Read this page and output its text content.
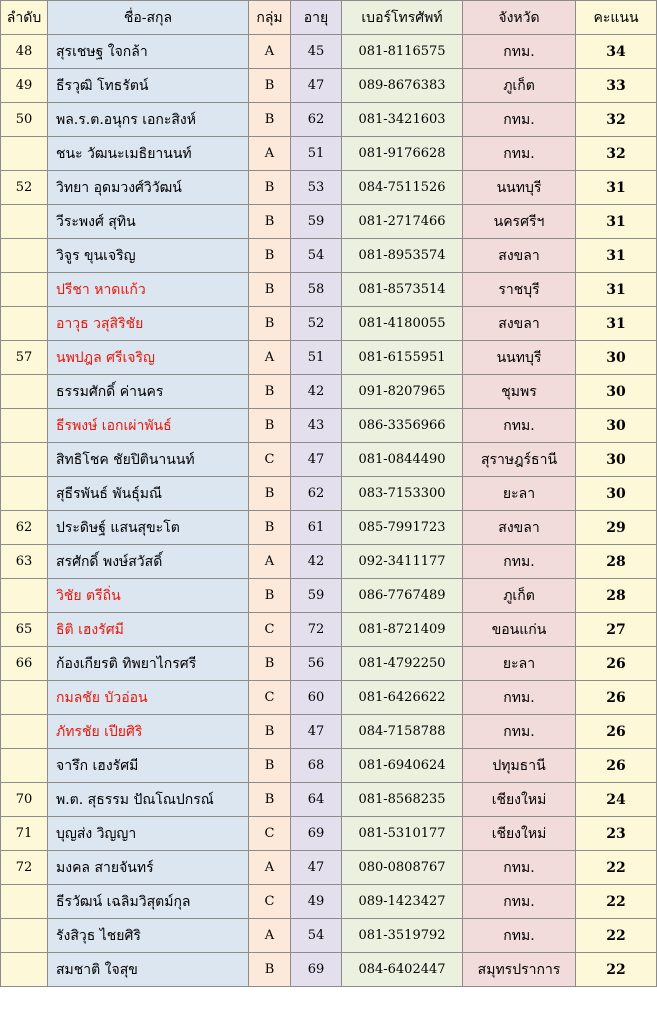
ลำดับ	ชื่อ-สกุล	กลุ่ม	อายุ	เบอร์โทรศัพท์	จังหวัด	คะแนน
48	สุรเชษฐ ใจกล้า	A	45	081-8116575	กทม.	34
49	ธีรวุฒิ โทธรัตน์	B	47	089-8676383	ภูเก็ต	33
50	พล.ร.ต.อนุกร เอกะสิงห์	B	62	081-3421603	กทม.	32
	ชนะ วัฒนะเมธิยานนท์	A	51	081-9176628	กทม.	32
52	วิทยา อุดมวงศ์วิวัฒน์	B	53	084-7511526	นนทบุรี	31
	วีระพงศ์ สุทิน	B	59	081-2717466	นครศรีฯ	31
	วิจูร ขุนเจริญ	B	54	081-8953574	สงขลา	31
	ปรีชา หาดแก้ว	B	58	081-8573514	ราชบุรี	31
	อาวุธ วสุสิริชัย	B	52	081-4180055	สงขลา	31
57	นพปฎล ศรีเจริญ	A	51	081-6155951	นนทบุรี	30
	ธรรมศักดิ์ ค่านคร	B	42	091-8207965	ชุมพร	30
	ธีรพงษ์ เอกเผ่าพันธ์	B	43	086-3356966	กทม.	30
	สิทธิโชค ชัยปิตินานนท์	C	47	081-0844490	สุราษฎร์ธานี	30
	สุธีรพันธ์ พันธุ์มณี	B	62	083-7153300	ยะลา	30
62	ประดิษฐ์ แสนสุขะโต	B	61	085-7991723	สงขลา	29
63	สรศักดิ์ พงษ์สวัสดิ์	A	42	092-3411177	กทม.	28
	วิชัย ตรีถิ่น	B	59	086-7767489	ภูเก็ต	28
65	ธิติ เฮงรัศมี	C	72	081-8721409	ขอนแก่น	27
66	ก้องเกียรติ ทิพยาไกรศรี	B	56	081-4792250	ยะลา	26
	กมลชัย บัวอ่อน	C	60	081-6426622	กทม.	26
	ภัทรชัย เปียศิริ	B	47	084-7158788	กทม.	26
	จารึก เฮงรัศมี	B	68	081-6940624	ปทุมธานี	26
70	พ.ต. สุธรรม ปัณโณปกรณ์	B	64	081-8568235	เชียงใหม่	24
71	บุญส่ง วิญญา	C	69	081-5310177	เชียงใหม่	23
72	มงคล สายจันทร์	A	47	080-0808767	กทม.	22
	ธีรวัฒน์ เฉลิมวิสุตม์กุล	C	49	089-1423427	กทม.	22
	รังสิวุธ ไชยศิริ	A	54	081-3519792	กทม.	22
	สมชาติ ใจสุข	B	69	084-6402447	สมุทรปราการ	22
